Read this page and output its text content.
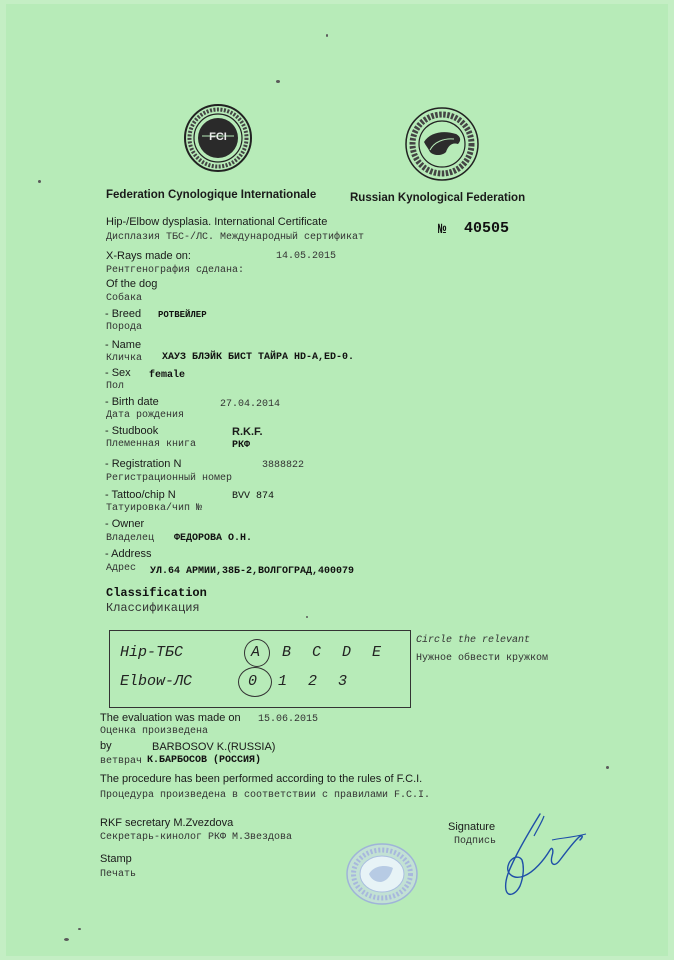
FCI
Federation Cynologique Internationale	Russian Kynological Federation
Hip-/Elbow dysplasia. International Certificate
Дисплазия ТБС-/ЛС. Международный сертификат	№ 40505
X-Rays made on:	14.05.2015
Рентгенография сделана:
Of the dog
Собака
- Breed РОТВЕЙЛЕР
Порода
- Name
Кличка ХАУЗ БЛЭЙК БИСТ ТАЙРА HD-A,ED-0.
- Sex female
Пол
- Birth date	27.04.2014
Дата рождения
- Studbook	R.K.F.
Племенная книга	РКФ
- Registration N	3888822
Регистрационный номер
- Tattoo/chip N	BVV 874
Татуировка/чип №
- Owner
Владелец ФЕДОРОВА О.Н.
- Address
Адрес УЛ.64 АРМИИ,38Б-2,ВОЛГОГРАД,400079
Classification
Классификация
Hip-ТБС	A B C D E
Elbow-ЛС	0 1 2 3
Circle the relevant
Нужное обвести кружком
The evaluation was made on 15.06.2015
Оценка произведена
by	BARBOSOV K.(RUSSIA)
ветврач К.БАРБОСОВ (РОССИЯ)
The procedure has been performed according to the rules of F.C.I.
Процедура произведена в соответствии с правилами F.C.I.
RKF secretary M.Zvezdova
Секретарь-кинолог РКФ М.Звездова
Stamp
Печать
Signature
Подпись
